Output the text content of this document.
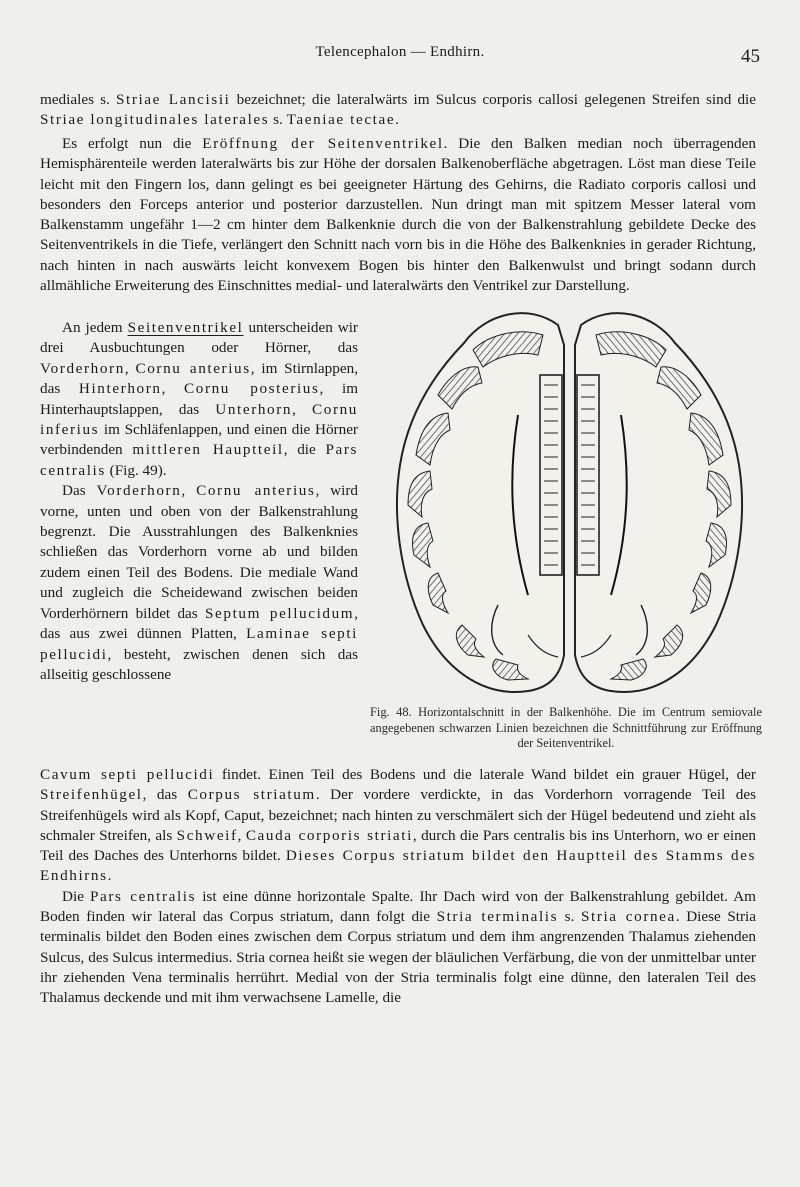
Telencephalon — Endhirn.	45

mediales s. Striae Lancisii bezeichnet; die lateralwärts im Sulcus corporis callosi gelegenen Streifen sind die Striae longitudinales laterales s. Taeniae tectae.

Es erfolgt nun die Eröffnung der Seitenventrikel. Die den Balken median noch überragenden Hemisphärenteile werden lateralwärts bis zur Höhe der dorsalen Balkenoberfläche abgetragen. Löst man diese Teile leicht mit den Fingern los, dann gelingt es bei geeigneter Härtung des Gehirns, die Radiato corporis callosi und besonders den Forceps anterior und posterior darzustellen. Nun dringt man mit spitzem Messer lateral vom Balkenstamm ungefähr 1—2 cm hinter dem Balkenknie durch die von der Balkenstrahlung gebildete Decke des Seitenventrikels in die Tiefe, verlängert den Schnitt nach vorn bis in die Höhe des Balkenknies in gerader Richtung, nach hinten in nach auswärts leicht konvexem Bogen bis hinter den Balkenwulst und bringt sodann durch allmähliche Erweiterung des Einschnittes medial- und lateralwärts den Ventrikel zur Darstellung.

Fig. 48. Horizontalschnitt in der Balkenhöhe. Die im Centrum semiovale angegebenen schwarzen Linien bezeichnen die Schnittführung zur Eröffnung der Seitenventrikel.

An jedem Seitenventrikel unterscheiden wir drei Ausbuchtungen oder Hörner, das Vorderhorn, Cornu anterius, im Stirnlappen, das Hinterhorn, Cornu posterius, im Hinterhauptslappen, das Unterhorn, Cornu inferius im Schläfenlappen, und einen die Hörner verbindenden mittleren Hauptteil, die Pars centralis (Fig. 49).

Das Vorderhorn, Cornu anterius, wird vorne, unten und oben von der Balkenstrahlung begrenzt. Die Ausstrahlungen des Balkenknies schließen das Vorderhorn vorne ab und bilden zudem einen Teil des Bodens. Die mediale Wand und zugleich die Scheidewand zwischen beiden Vorderhörnern bildet das Septum pellucidum, das aus zwei dünnen Platten, Laminae septi pellucidi, besteht, zwischen denen sich das allseitig geschlossene

Cavum septi pellucidi findet. Einen Teil des Bodens und die laterale Wand bildet ein grauer Hügel, der Streifenhügel, das Corpus striatum. Der vordere verdickte, in das Vorderhorn vorragende Teil des Streifenhügels wird als Kopf, Caput, bezeichnet; nach hinten zu verschmälert sich der Hügel bedeutend und zieht als schmaler Streifen, als Schweif, Cauda corporis striati, durch die Pars centralis bis ins Unterhorn, wo er einen Teil des Daches des Unterhorns bildet. Dieses Corpus striatum bildet den Hauptteil des Stamms des Endhirns.

Die Pars centralis ist eine dünne horizontale Spalte. Ihr Dach wird von der Balkenstrahlung gebildet. Am Boden finden wir lateral das Corpus striatum, dann folgt die Stria terminalis s. Stria cornea. Diese Stria terminalis bildet den Boden eines zwischen dem Corpus striatum und dem ihm angrenzenden Thalamus ziehenden Sulcus, des Sulcus intermedius. Stria cornea heißt sie wegen der bläulichen Verfärbung, die von der unmittelbar unter ihr ziehenden Vena terminalis herrührt. Medial von der Stria terminalis folgt eine dünne, den lateralen Teil des Thalamus deckende und mit ihm verwachsene Lamelle, die
